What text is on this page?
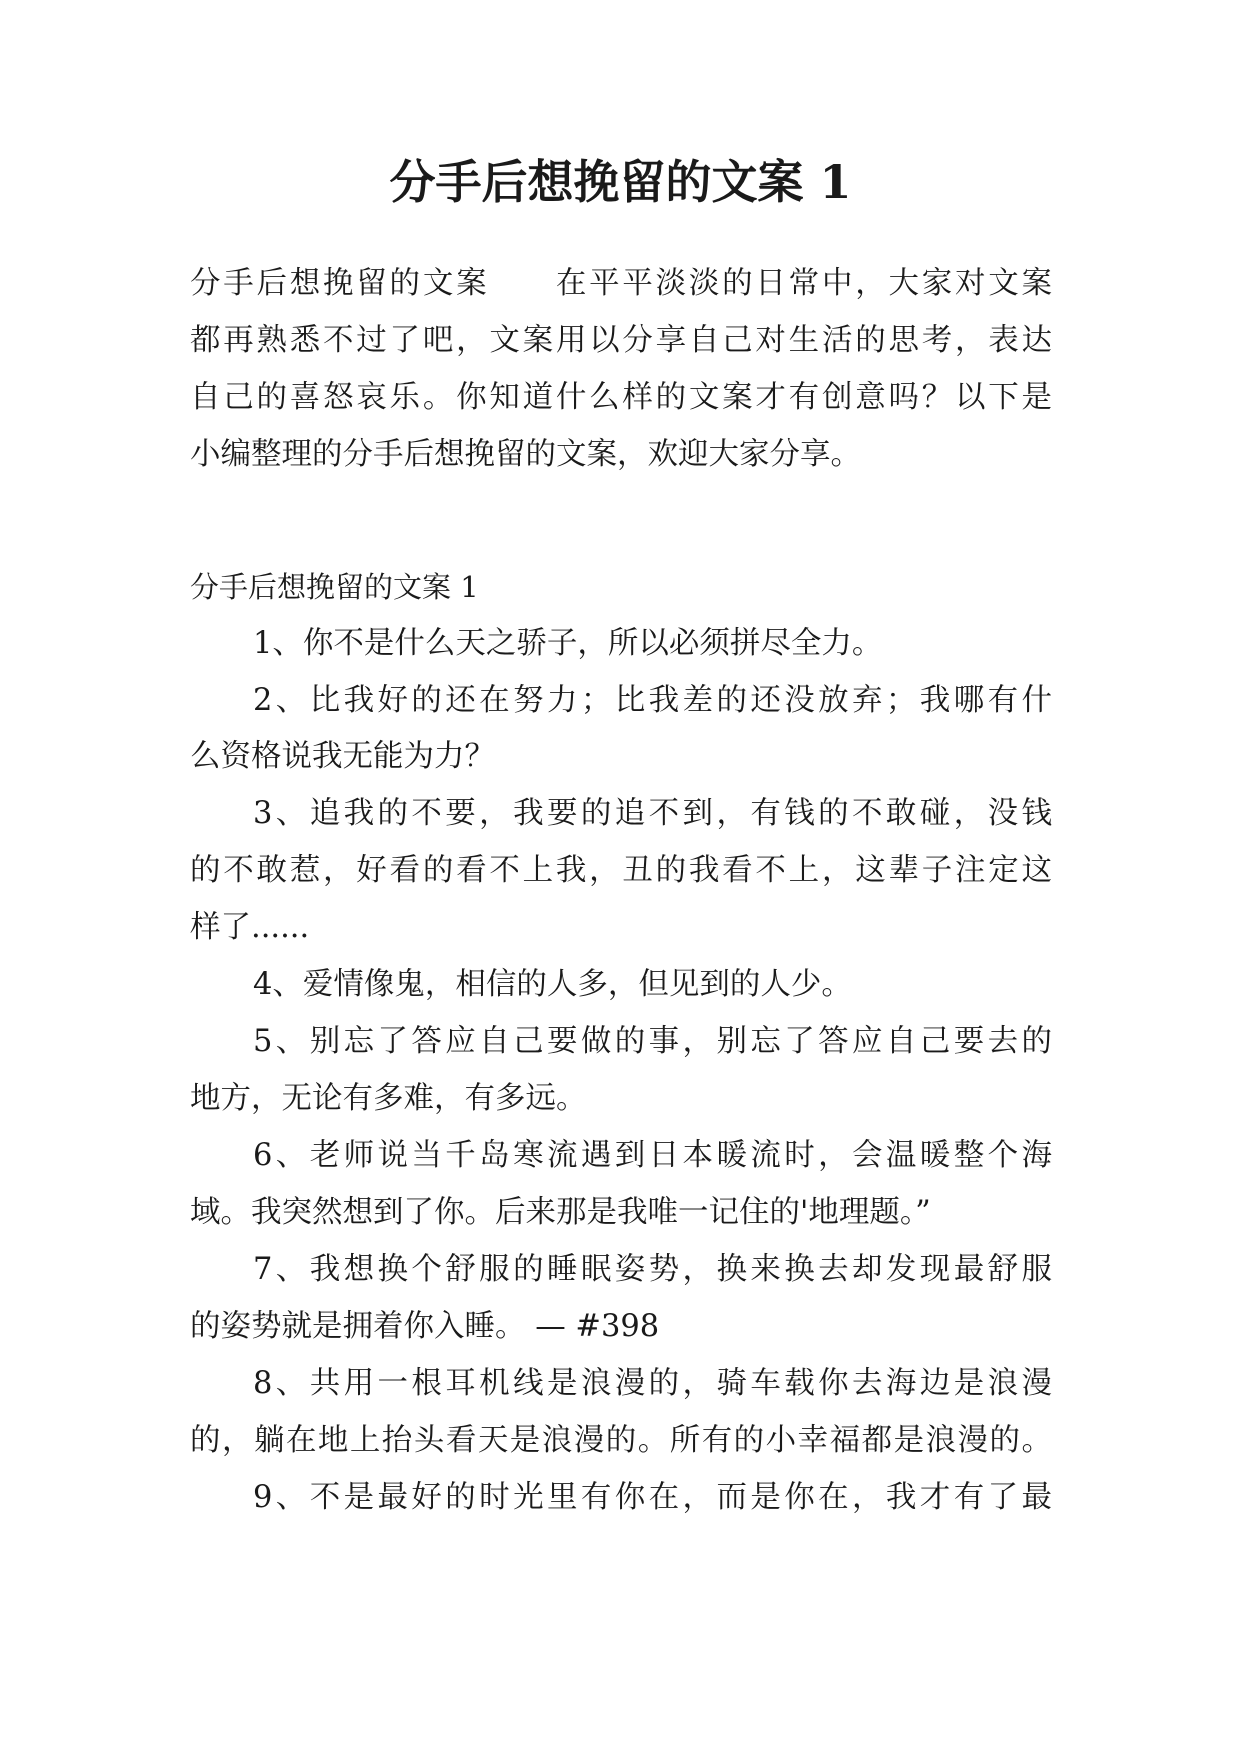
分手后想挽留的文案 1
分手后想挽留的文案　　在平平淡淡的日常中，大家对文案
都再熟悉不过了吧，文案用以分享自己对生活的思考，表达
自己的喜怒哀乐。你知道什么样的文案才有创意吗？以下是
小编整理的分手后想挽留的文案，欢迎大家分享。
分手后想挽留的文案 1
1、你不是什么天之骄子，所以必须拼尽全力。
2、比我好的还在努力；比我差的还没放弃；我哪有什
么资格说我无能为力？
3、追我的不要，我要的追不到，有钱的不敢碰，没钱
的不敢惹，好看的看不上我，丑的我看不上，这辈子注定这
样了......
4、爱情像鬼，相信的人多，但见到的人少。
5、别忘了答应自己要做的事，别忘了答应自己要去的
地方，无论有多难，有多远。
6、老师说当千岛寒流遇到日本暖流时，会温暖整个海
域。我突然想到了你。后来那是我唯一记住的'地理题。”
7、我想换个舒服的睡眠姿势，换来换去却发现最舒服
的姿势就是拥着你入睡。 — #398
8、共用一根耳机线是浪漫的，骑车载你去海边是浪漫
的，躺在地上抬头看天是浪漫的。所有的小幸福都是浪漫的。
9、不是最好的时光里有你在，而是你在，我才有了最
